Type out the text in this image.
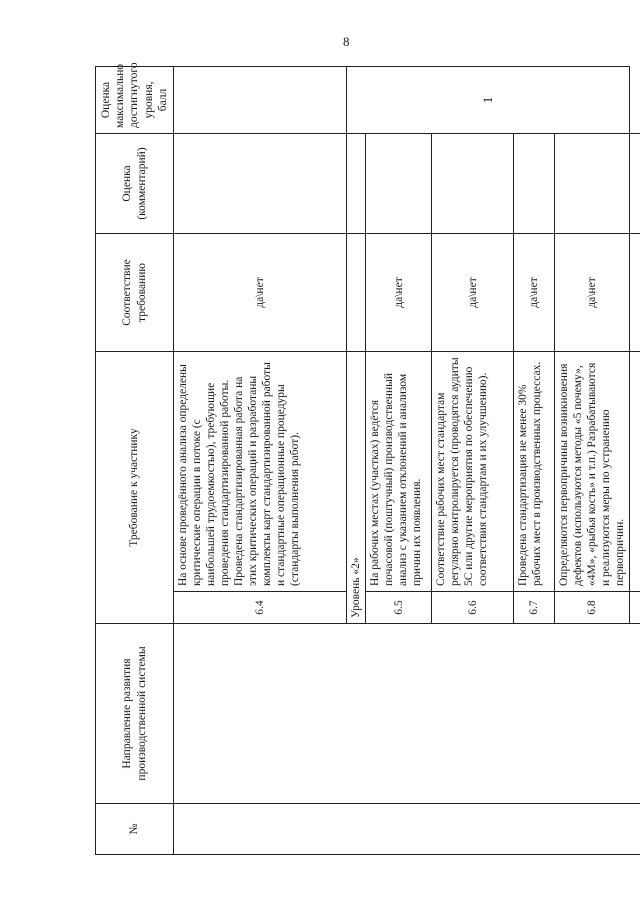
8
№	Направление развития производственной системы	Требование к участнику		Соответствие требованию	Оценка (комментарий)	Оценка максимально достигнутого уровня, балл
		6.4	На основе проведённого анализа определены критические операции в потоке (с наибольшей трудоемкостью), требующие проведения стандартизированной работы. Проведена стандартизированная работа на этих критических операций и разработаны комплекты карт стандартизированной работы и стандартные операционные процедуры (стандарты выполнения работ).	да\нет		
		Уровень «2»				1
		6.5	На рабочих местах (участках) ведётся почасовой (поштучный) производственный анализ с указанием отклонений и анализом причин их появления.	да\нет		
		6.6	Соответствие рабочих мест стандартам регулярно контролируется (проводятся аудиты 5С или другие мероприятия по обеспечению соответствия стандартам и их улучшению).	да\нет		
		6.7	Проведена стандартизация не менее 30% рабочих мест в производственных процессах.	да\нет		
		6.8	Определяются первопричины возникновения дефектов (используются методы «5 почему», «4М», «рыбья кость» и т.п.) Разрабатываются и реализуются меры по устранению первопричин.	да\нет		
